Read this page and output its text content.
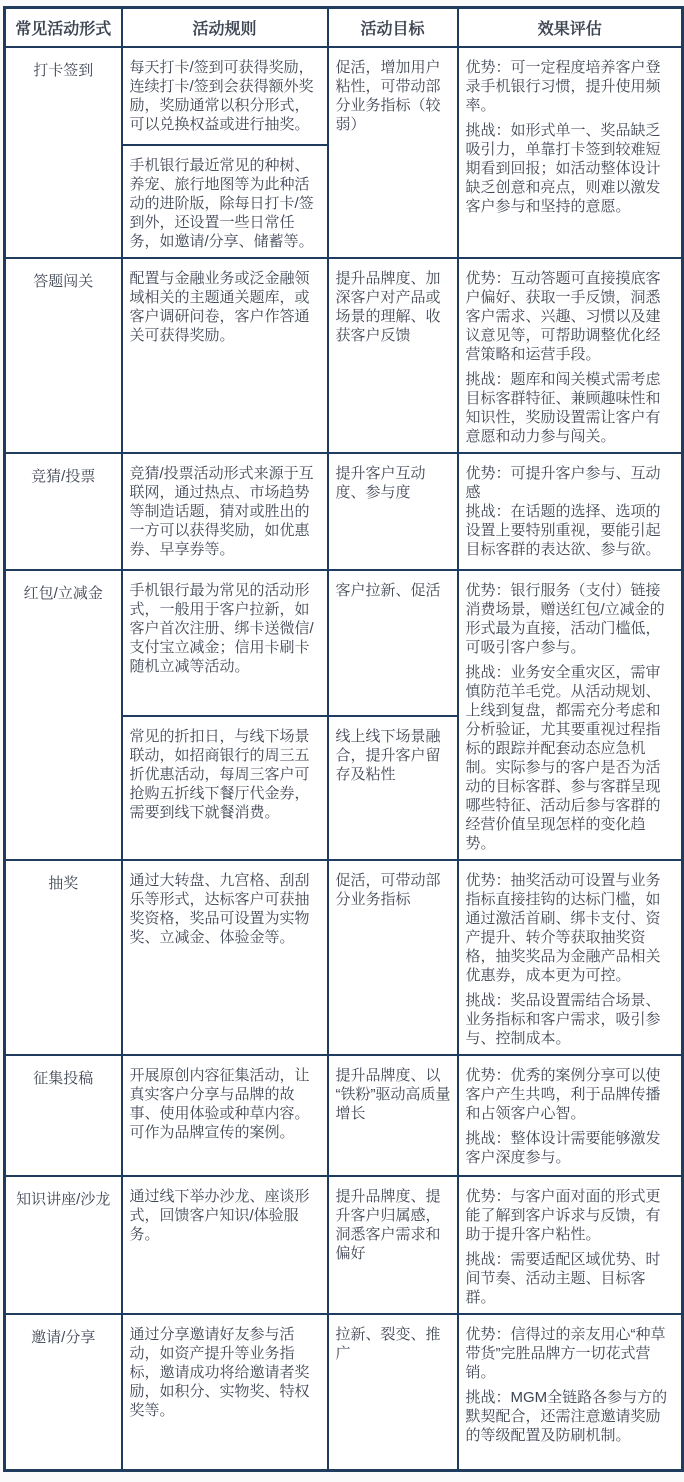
常见活动形式	活动规则	活动目标	效果评估
打卡签到	每天打卡/签到可获得奖励，连续打卡/签到会获得额外奖励，奖励通常以积分形式，可以兑换权益或进行抽奖。	促活，增加用户粘性，可带动部分业务指标（较弱）	优势：可一定程度培养客户登录手机银行习惯，提升使用频率。

挑战：如形式单一、奖品缺乏吸引力，单靠打卡签到较难短期看到回报；如活动整体设计缺乏创意和亮点，则难以激发客户参与和坚持的意愿。

	手机银行最近常见的种树、养宠、旅行地图等为此种活动的进阶版，除每日打卡/签到外，还设置一些日常任务，如邀请/分享、储蓄等。		
答题闯关	配置与金融业务或泛金融领域相关的主题通关题库，或客户调研问卷，客户作答通关可获得奖励。	提升品牌度、加深客户对产品或场景的理解、收获客户反馈	优势：互动答题可直接摸底客户偏好、获取一手反馈，洞悉客户需求、兴趣、习惯以及建议意见等，可帮助调整优化经营策略和运营手段。

挑战：题库和闯关模式需考虑目标客群特征、兼顾趣味性和知识性，奖励设置需让客户有意愿和动力参与闯关。

竞猜/投票	竞猜/投票活动形式来源于互联网，通过热点、市场趋势等制造话题，猜对或胜出的一方可以获得奖励，如优惠券、早享券等。	提升客户互动度、参与度	优势：可提升客户参与、互动感

挑战：在话题的选择、选项的设置上要特别重视，要能引起目标客群的表达欲、参与欲。

红包/立减金	手机银行最为常见的活动形式，一般用于客户拉新，如客户首次注册、绑卡送微信/支付宝立减金；信用卡刷卡随机立减等活动。	客户拉新、促活	优势：银行服务（支付）链接消费场景，赠送红包/立减金的形式最为直接，活动门槛低，可吸引客户参与。

挑战：业务安全重灾区，需审慎防范羊毛党。从活动规划、上线到复盘，都需充分考虑和分析验证，尤其要重视过程指标的跟踪并配套动态应急机制。实际参与的客户是否为活动的目标客群、参与客群呈现哪些特征、活动后参与客群的经营价值呈现怎样的变化趋势。

	常见的折扣日，与线下场景联动，如招商银行的周三五折优惠活动，每周三客户可抢购五折线下餐厅代金券，需要到线下就餐消费。	线上线下场景融合，提升客户留存及粘性	
抽奖	通过大转盘、九宫格、刮刮乐等形式，达标客户可获抽奖资格，奖品可设置为实物奖、立减金、体验金等。	促活，可带动部分业务指标	优势：抽奖活动可设置与业务指标直接挂钩的达标门槛，如通过激活首刷、绑卡支付、资产提升、转介等获取抽奖资格，抽奖奖品为金融产品相关优惠券，成本更为可控。

挑战：奖品设置需结合场景、业务指标和客户需求，吸引参与、控制成本。

征集投稿	开展原创内容征集活动，让真实客户分享与品牌的故事、使用体验或种草内容。可作为品牌宣传的案例。	提升品牌度、以“铁粉”驱动高质量增长	优势：优秀的案例分享可以使客户产生共鸣，利于品牌传播和占领客户心智。

挑战：整体设计需要能够激发客户深度参与。

知识讲座/沙龙	通过线下举办沙龙、座谈形式，回馈客户知识/体验服务。	提升品牌度、提升客户归属感，洞悉客户需求和偏好	优势：与客户面对面的形式更能了解到客户诉求与反馈，有助于提升客户粘性。

挑战：需要适配区域优势、时间节奏、活动主题、目标客群。

邀请/分享	通过分享邀请好友参与活动，如资产提升等业务指标，邀请成功将给邀请者奖励，如积分、实物奖、特权奖等。	拉新、裂变、推广	优势：信得过的亲友用心“种草带货”完胜品牌方一切花式营销。

挑战：MGM全链路各参与方的默契配合，还需注意邀请奖励的等级配置及防刷机制。
